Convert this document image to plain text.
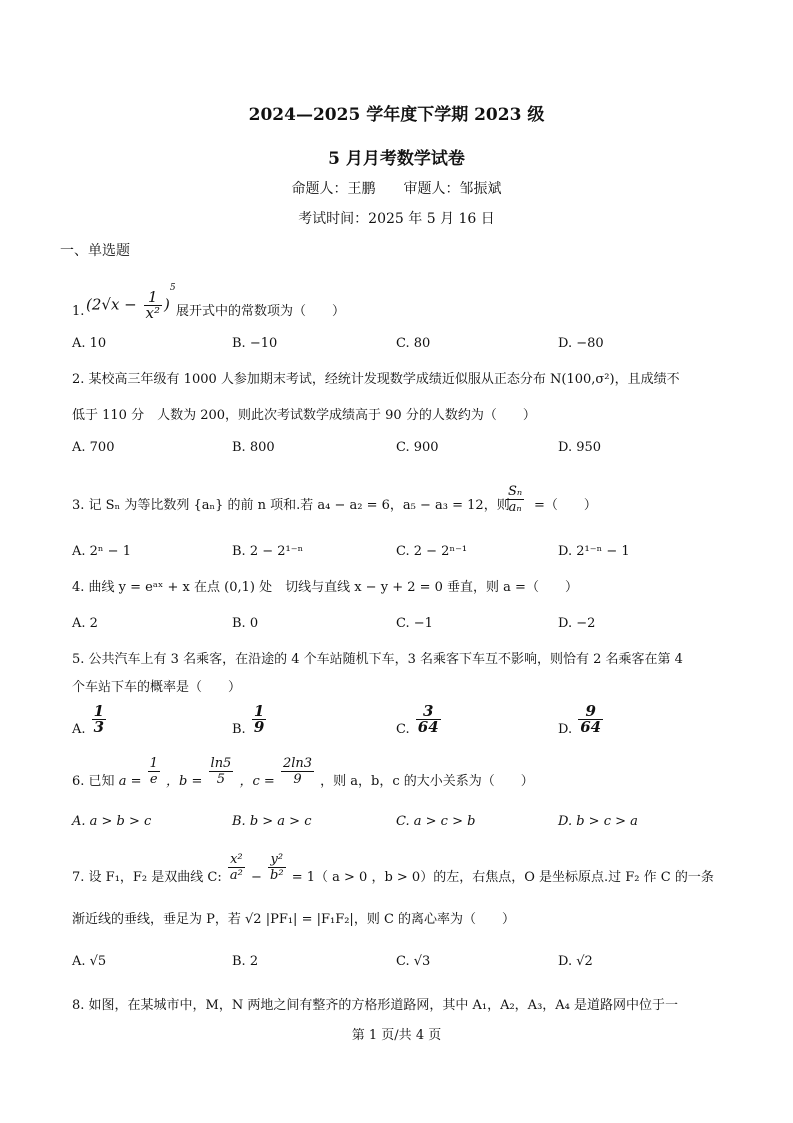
2024—2025 学年度下学期 2023 级
5 月月考数学试卷
命题人：王鹏　　审题人：邹振斌
考试时间：2025 年 5 月 16 日
一、单选题
1. $(2√x - \frac{1}{\text{x²}} )^5$
展开式中的常数项为（　　）
A. 10	B. −10	C. 80	D. −80
2. 某校高三年级有 1000 人参加期末考试，经统计发现数学成绩近似服从正态分布 N(100,σ²)，且成绩不
低于 110 分　人数为 200，则此次考试数学成绩高于 90 分的人数约为（　　）
A. 700	B. 800	C. 900	D. 950
3. 记 Sₙ 为等比数列 {aₙ} 的前 n 项和.若 a₄ − a₂ = 6，a₅ − a₃ = 12，则
$\frac{\text{Sₙ}}{\text{aₙ}}$ =（　　）
A. 2ⁿ − 1	B. 2 − 2¹⁻ⁿ	C. 2 − 2ⁿ⁻¹	D. 2¹⁻ⁿ − 1
4. 曲线 y = eᵃˣ + x 在点 (0,1) 处　切线与直线 x − y + 2 = 0 垂直，则 a =（　　）
A. 2	B. 0	C. −1	D. −2
5. 公共汽车上有 3 名乘客，在沿途的 4 个车站随机下车，3 名乘客下车互不影响，则恰有 2 名乘客在第 4
个车站下车的概率是（　　）
A. $\frac{1}{3}$	B. $\frac{1}{9}$	C. $\frac{3}{64}$	D. $\frac{9}{64}$
6. 已知 $a = \frac{1}{e}$ ，$b = \frac{\ln 5}{5}$ ，$c = \frac{2\ln 3}{9}$ ，则 a，b，c 的大小关系为（　　）
A. a > b > c	B. b > a > c	C. a > c > b	D. b > c > a
7. 设 F₁，F₂ 是双曲线 C: $\frac{\text{x²}}{\text{a²}} - \frac{\text{y²}}{\text{b²}} = 1$（ a > 0 ，b > 0）的左，右焦点，O 是坐标原点.过 F₂ 作 C 的一条
渐近线的垂线，垂足为 P，若 √2 |PF₁| = |F₁F₂|，则 C 的离心率为（　　）
A. √5	B. 2	C. √3	D. √2
8. 如图，在某城市中，M，N 两地之间有整齐的方格形道路网，其中 A₁，A₂，A₃，A₄ 是道路网中位于一
第 1 页/共 4 页
